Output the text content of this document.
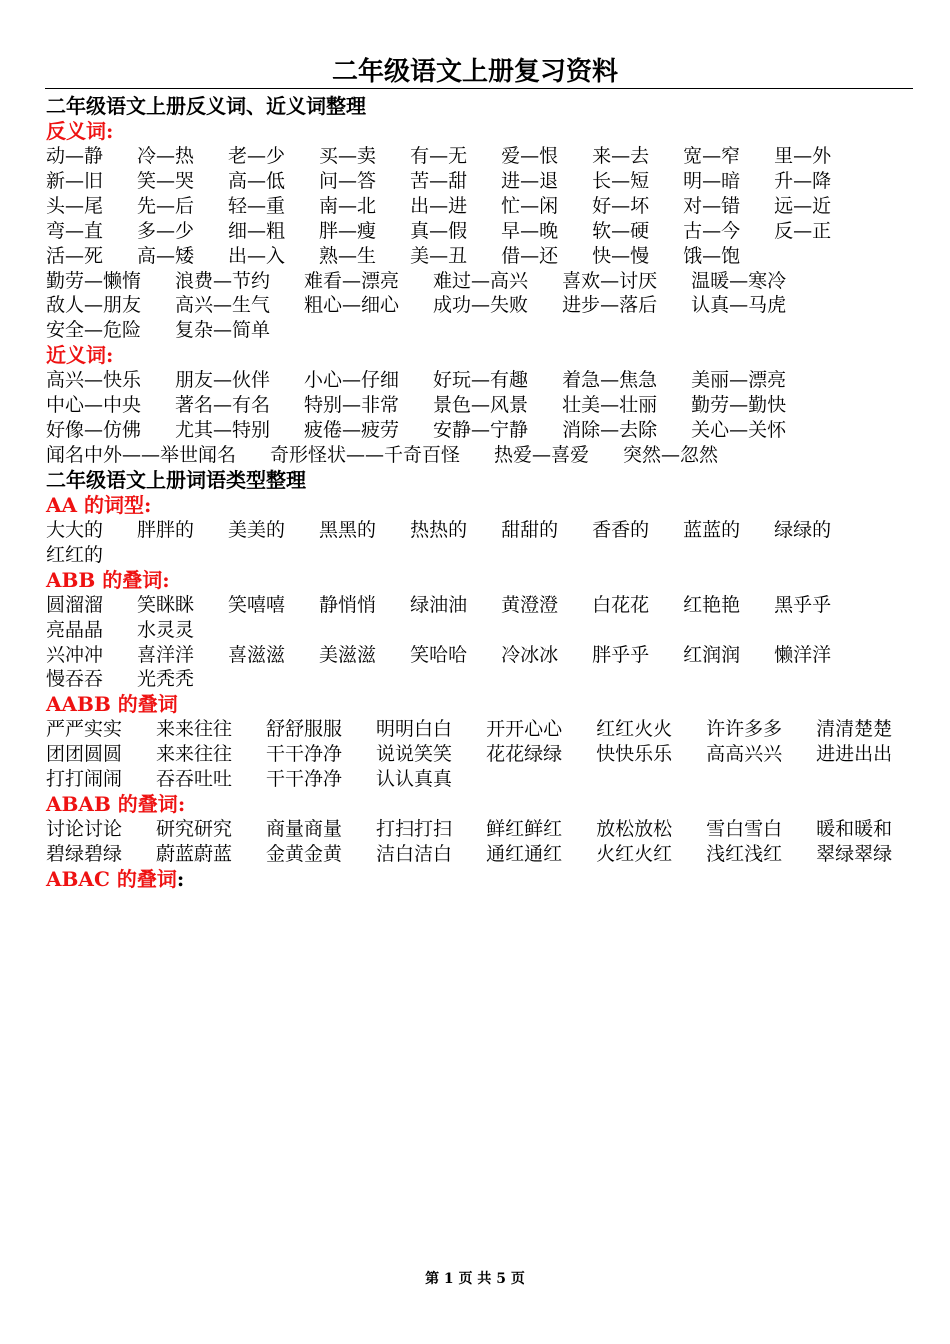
二年级语文上册复习资料
二年级语文上册反义词、近义词整理
反义词:
动—静 冷—热 老—少 买—卖 有—无 爱—恨 来—去 宽—窄 里—外
新—旧 笑—哭 高—低 问—答 苦—甜 进—退 长—短 明—暗 升—降
头—尾 先—后 轻—重 南—北 出—进 忙—闲 好—坏 对—错 远—近
弯—直 多—少 细—粗 胖—瘦 真—假 早—晚 软—硬 古—今 反—正
活—死 高—矮 出—入 熟—生 美—丑 借—还 快—慢 饿—饱
勤劳—懒惰 浪费—节约 难看—漂亮 难过—高兴 喜欢—讨厌 温暖—寒冷
敌人—朋友 高兴—生气 粗心—细心 成功—失败 进步—落后 认真—马虎
安全—危险 复杂—简单
近义词:
高兴—快乐 朋友—伙伴 小心—仔细 好玩—有趣 着急—焦急 美丽—漂亮
中心—中央 著名—有名 特别—非常 景色—风景 壮美—壮丽 勤劳—勤快
好像—仿佛 尤其—特别 疲倦—疲劳 安静—宁静 消除—去除 关心—关怀
闻名中外——举世闻名 奇形怪状——千奇百怪 热爱—喜爱 突然—忽然
二年级语文上册词语类型整理
AA 的词型:
大大的 胖胖的 美美的 黑黑的 热热的 甜甜的 香香的 蓝蓝的 绿绿的红红的
ABB 的叠词:
圆溜溜 笑眯眯 笑嘻嘻 静悄悄 绿油油 黄澄澄 白花花 红艳艳 黑乎乎亮晶晶 水灵灵
兴冲冲 喜洋洋 喜滋滋 美滋滋 笑哈哈 冷冰冰 胖乎乎 红润润 懒洋洋慢吞吞 光秃秃
AABB 的叠词
严严实实 来来往往 舒舒服服 明明白白 开开心心 红红火火 许许多多 清清楚楚
团团圆圆 来来往往 干干净净 说说笑笑 花花绿绿 快快乐乐 高高兴兴 进进出出
打打闹闹 吞吞吐吐 干干净净 认认真真
ABAB 的叠词:
讨论讨论 研究研究 商量商量 打扫打扫 鲜红鲜红 放松放松 雪白雪白 暖和暖和
碧绿碧绿 蔚蓝蔚蓝 金黄金黄 洁白洁白 通红通红 火红火红 浅红浅红 翠绿翠绿
ABAC 的叠词:
第 1 页 共 5 页
